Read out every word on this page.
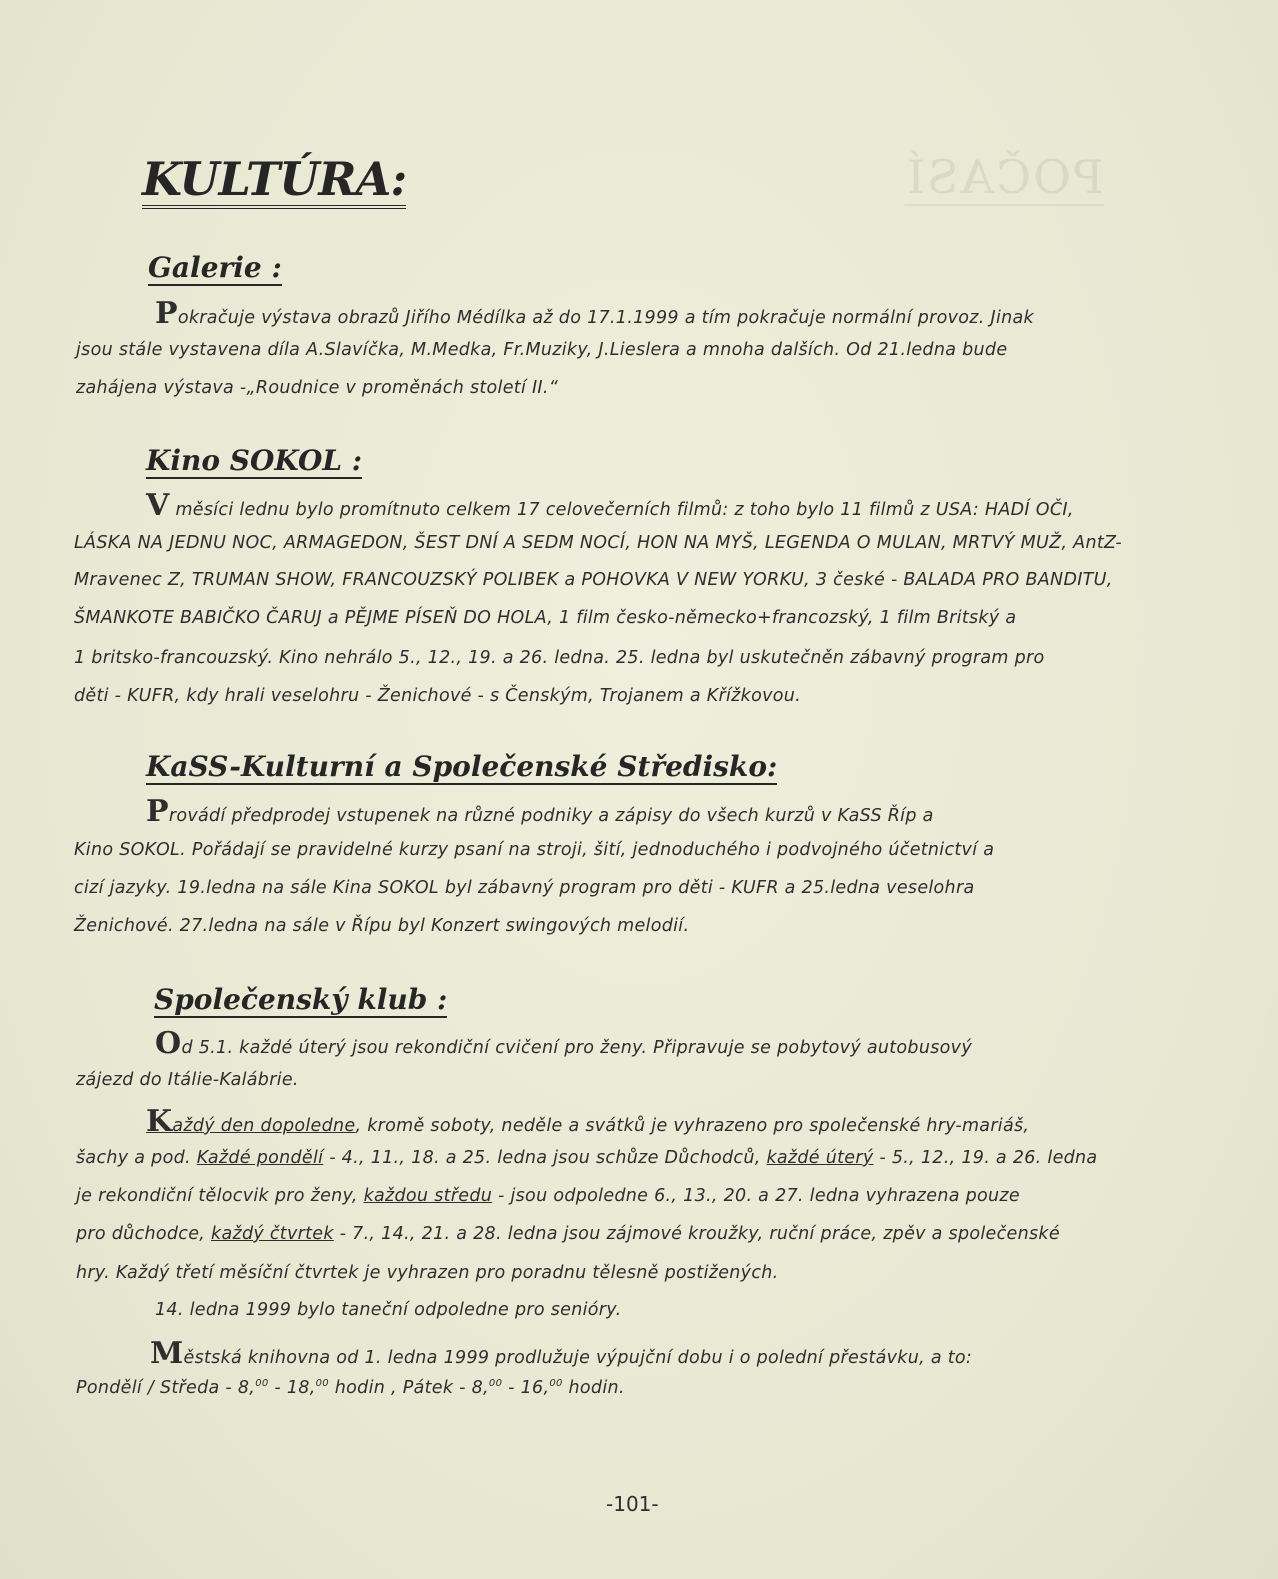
POČASÍ
KULTÚRA:
Galerie :
Pokračuje výstava obrazů Jiřího Médílka až do 17.1.1999 a tím pokračuje normální provoz. Jinak
jsou stále vystavena díla A.Slavíčka, M.Medka, Fr.Muziky, J.Lieslera a mnoha dalších. Od 21.ledna bude
zahájena výstava -„Roudnice v proměnách století II.“
Kino SOKOL :
V měsíci lednu bylo promítnuto celkem 17 celovečerních filmů: z toho bylo 11 filmů z USA: HADÍ OČI,
LÁSKA NA JEDNU NOC, ARMAGEDON, ŠEST DNÍ A SEDM NOCÍ, HON NA MYŠ, LEGENDA O MULAN, MRTVÝ MUŽ, AntZ-
Mravenec Z, TRUMAN SHOW, FRANCOUZSKÝ POLIBEK a POHOVKA V NEW YORKU, 3 české - BALADA PRO BANDITU,
ŠMANKOTE BABIČKO ČARUJ a PĚJME PÍSEŇ DO HOLA, 1 film česko-německo+francozský, 1 film Britský a
1 britsko-francouzský. Kino nehrálo 5., 12., 19. a 26. ledna. 25. ledna byl uskutečněn zábavný program pro
děti - KUFR, kdy hrali veselohru - Ženichové - s Čenským, Trojanem a Křížkovou.
KaSS-Kulturní a Společenské Středisko:
Provádí předprodej vstupenek na různé podniky a zápisy do všech kurzů v KaSS Říp a
Kino SOKOL. Pořádají se pravidelné kurzy psaní na stroji, šití, jednoduchého i podvojného účetnictví a
cizí jazyky. 19.ledna na sále Kina SOKOL byl zábavný program pro děti - KUFR a 25.ledna veselohra
Ženichové. 27.ledna na sále v Řípu byl Konzert swingových melodií.
Společenský klub :
Od 5.1. každé úterý jsou rekondiční cvičení pro ženy. Připravuje se pobytový autobusový
zájezd do Itálie-Kalábrie.
Každý den dopoledne, kromě soboty, neděle a svátků je vyhrazeno pro společenské hry-mariáš,
šachy a pod. Každé pondělí - 4., 11., 18. a 25. ledna jsou schůze Důchodců, každé úterý - 5., 12., 19. a 26. ledna
je rekondiční tělocvik pro ženy, každou středu - jsou odpoledne 6., 13., 20. a 27. ledna vyhrazena pouze
pro důchodce, každý čtvrtek - 7., 14., 21. a 28. ledna jsou zájmové kroužky, ruční práce, zpěv a společenské
hry. Každý třetí měsíční čtvrtek je vyhrazen pro poradnu tělesně postižených.
14. ledna 1999 bylo taneční odpoledne pro senióry.
Městská knihovna od 1. ledna 1999 prodlužuje výpujční dobu i o polední přestávku, a to:
Pondělí / Středa - 8,00 - 18,00 hodin , Pátek - 8,00 - 16,00 hodin.
-101-
